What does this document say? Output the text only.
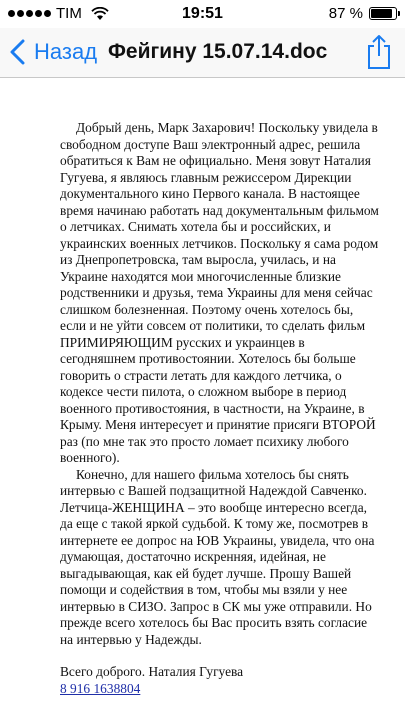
TIM	19:51	87 %
Назад Фейгину 15.07.14.doc

Добрый день, Марк Захарович! Поскольку увидела в свободном доступе Ваш электронный адрес, решила обратиться к Вам не официально. Меня зовут Наталия Гугуева, я являюсь главным режиссером Дирекции документального кино Первого канала. В настоящее время начинаю работать над документальным фильмом о летчиках. Снимать хотела бы и российских, и украинских военных летчиков. Поскольку я сама родом из Днепропетровска, там выросла, училась, и на Украине находятся мои многочисленные близкие родственники и друзья, тема Украины для меня сейчас слишком болезненная. Поэтому очень хотелось бы, если и не уйти совсем от политики, то сделать фильм ПРИМИРЯЮЩИМ русских и украинцев в сегодняшнем противостоянии. Хотелось бы больше говорить о страсти летать для каждого летчика, о кодексе чести пилота, о сложном выборе в период военного противостояния, в частности, на Украине, в Крыму. Меня интересует и принятие присяги ВТОРОЙ раз (по мне так это просто ломает психику любого военного).

Конечно, для нашего фильма хотелось бы снять интервью с Вашей подзащитной Надеждой Савченко. Летчица-ЖЕНЩИНА – это вообще интересно всегда, да еще с такой яркой судьбой. К тому же, посмотрев в интернете ее допрос на ЮВ Украины, увидела, что она думающая, достаточно искренняя, идейная, не выгадывающая, как ей будет лучше. Прошу Вашей помощи и содействия в том, чтобы мы взяли у нее интервью в СИЗО. Запрос в СК мы уже отправили. Но прежде всего хотелось бы Вас просить взять согласие на интервью у Надежды.

Всего доброго. Наталия Гугуева

8 916 1638804
